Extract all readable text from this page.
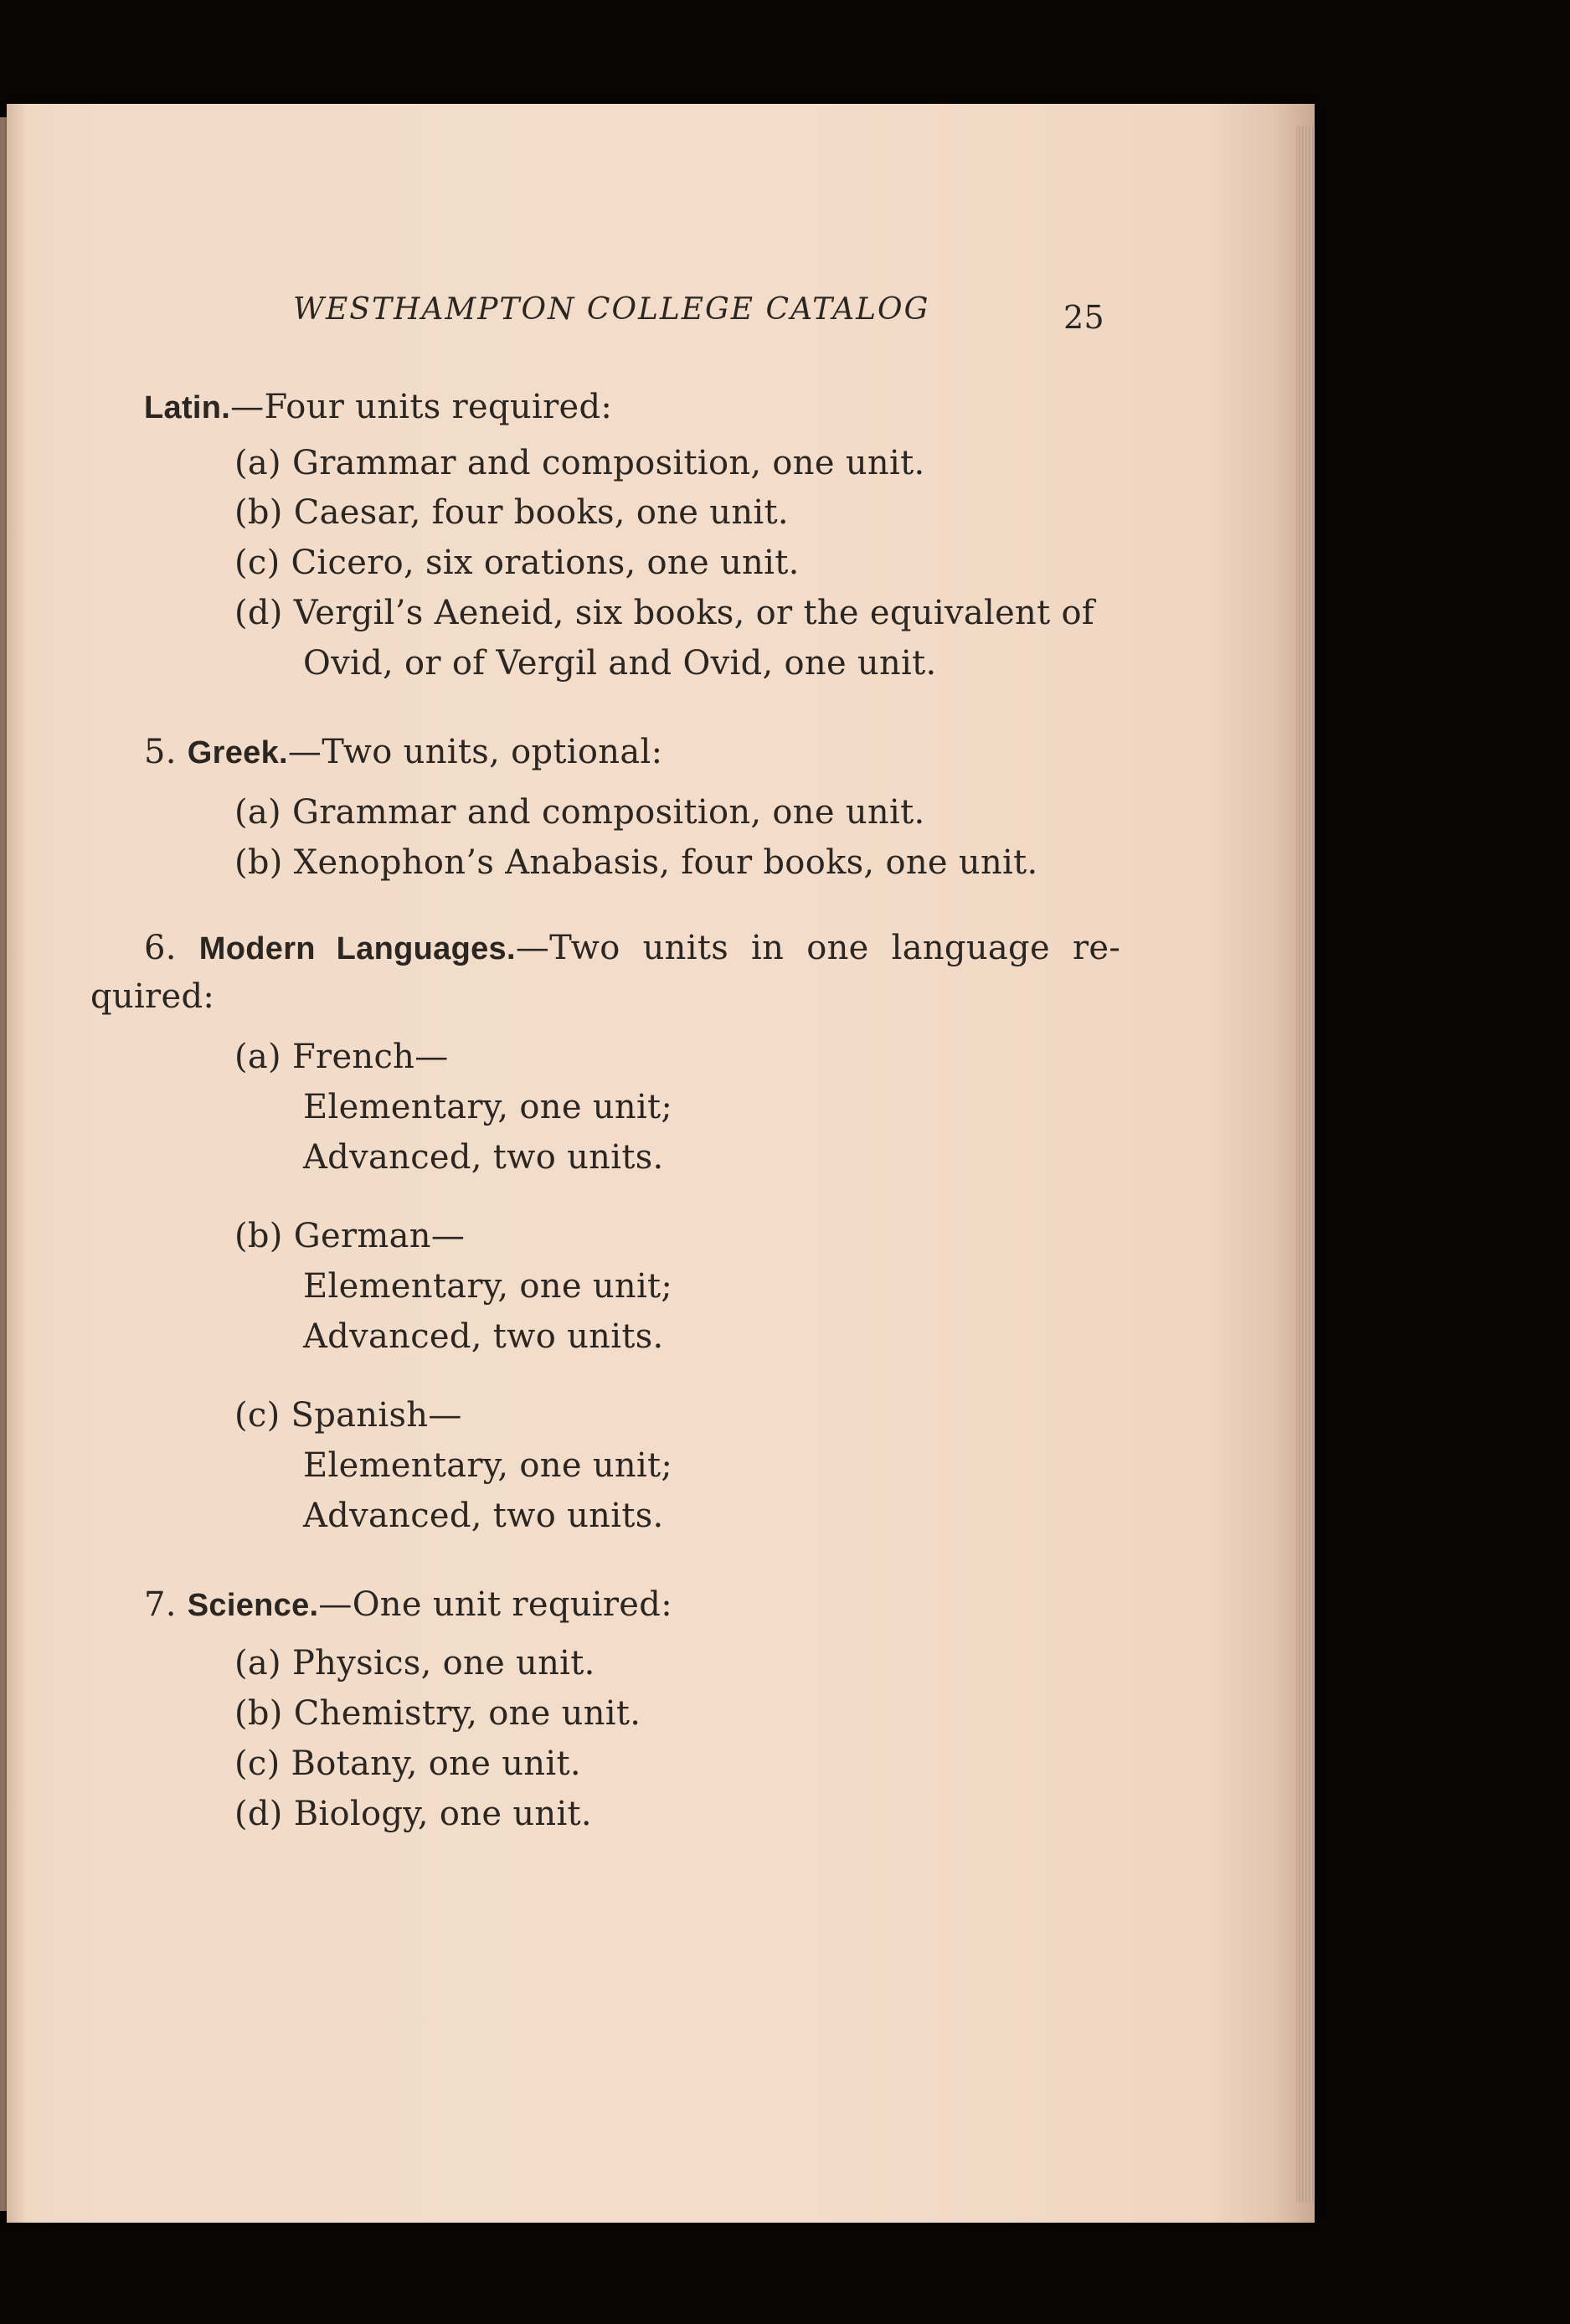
WESTHAMPTON COLLEGE CATALOG	25
Latin.—Four units required:
(a) Grammar and composition, one unit.
(b) Caesar, four books, one unit.
(c) Cicero, six orations, one unit.
(d) Vergil’s Aeneid, six books, or the equivalent of
Ovid, or of Vergil and Ovid, one unit.
5. Greek.—Two units, optional:
(a) Grammar and composition, one unit.
(b) Xenophon’s Anabasis, four books, one unit.
6. Modern Languages.—Two units in one language re-
quired:
(a) French—
Elementary, one unit;
Advanced, two units.
(b) German—
Elementary, one unit;
Advanced, two units.
(c) Spanish—
Elementary, one unit;
Advanced, two units.
7. Science.—One unit required:
(a) Physics, one unit.
(b) Chemistry, one unit.
(c) Botany, one unit.
(d) Biology, one unit.
